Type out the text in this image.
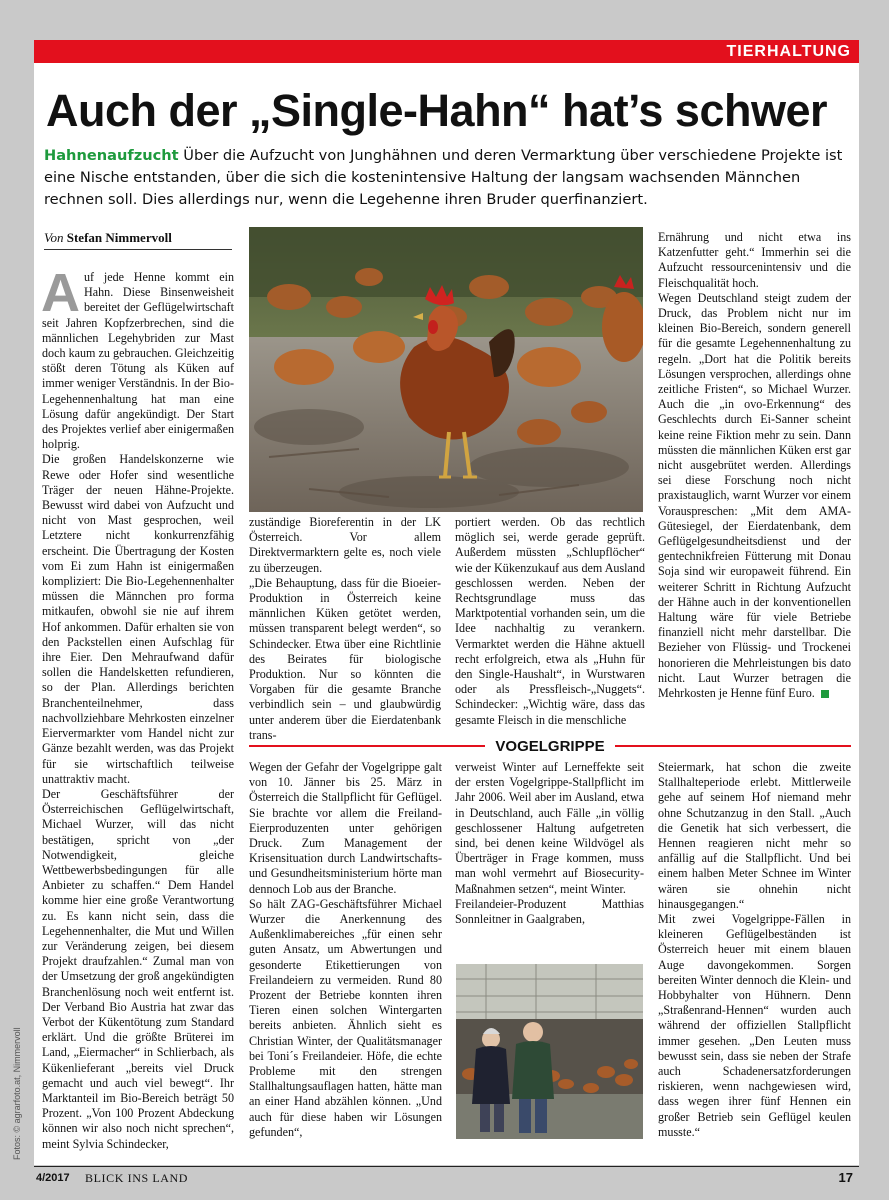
TIERHALTUNG
Auch der „Single-Hahn“ hat’s schwer

Hahnenaufzucht Über die Aufzucht von Junghähnen und deren Vermarktung über verschiedene Projekte ist eine Nische entstanden, über die sich die kostenintensive Haltung der langsam wachsenden Männchen rechnen soll. Dies allerdings nur, wenn die Legehenne ihren Bruder querfinanziert.

Von Stefan Nimmervoll
A uf jede Henne kommt ein Hahn. Diese Binsenweisheit bereitet der Geflügelwirtschaft seit Jahren Kopfzerbrechen, sind die männlichen Legehybriden zur Mast doch kaum zu gebrauchen. Gleichzeitig stößt deren Tötung als Küken auf immer weniger Verständnis. In der Bio-Legehennenhaltung hat man eine Lösung dafür angekündigt. Der Start des Projektes verlief aber einigermaßen holprig.

Die großen Handelskonzerne wie Rewe oder Hofer sind wesentliche Träger der neuen Hähne-Projekte. Bewusst wird dabei von Aufzucht und nicht von Mast gesprochen, weil Letztere nicht konkurrenzfähig erscheint. Die Übertragung der Kosten vom Ei zum Hahn ist einigermaßen kompliziert: Die Bio-Legehennenhalter müssen die Männchen pro forma mitkaufen, obwohl sie nie auf ihrem Hof ankommen. Dafür erhalten sie von den Packstellen einen Aufschlag für ihre Eier. Den Mehraufwand dafür sollen die Handelsketten refundieren, so der Plan. Allerdings berichten Branchenteilnehmer, dass nachvollziehbare Mehrkosten einzelner Eiervermarkter vom Handel nicht zur Gänze bezahlt werden, was das Projekt für sie wirtschaftlich teilweise unattraktiv macht.

Der Geschäftsführer der Österreichischen Geflügelwirtschaft, Michael Wurzer, will das nicht bestätigen, spricht von „der Notwendigkeit, gleiche Wettbewerbsbedingungen für alle Anbieter zu schaffen.“ Dem Handel komme hier eine große Verantwortung zu. Es kann nicht sein, dass die Legehennenhalter, die Mut und Willen zur Veränderung zeigen, bei diesem Projekt draufzahlen.“ Zumal man von der Umsetzung der groß angekündigten Branchenlösung noch weit entfernt ist. Der Verband Bio Austria hat zwar das Verbot der Kükentötung zum Standard erklärt. Und die größte Brüterei im Land, „Eiermacher“ in Schlierbach, als Kükenlieferant „bereits viel Druck gemacht und auch viel bewegt“. Ihr Marktanteil im Bio-Bereich beträgt 50 Prozent. „Von 100 Prozent Abdeckung können wir also noch nicht sprechen“, meint Sylvia Schindecker,

zuständige Bioreferentin in der LK Österreich. Vor allem Direktvermarktern gelte es, noch viele zu überzeugen.

„Die Behauptung, dass für die Bioeier-Produktion in Österreich keine männlichen Küken getötet werden, müssen transparent belegt werden“, so Schindecker. Etwa über eine Richtlinie des Beirates für biologische Produktion. Nur so könnten die Vorgaben für die gesamte Branche verbindlich sein – und glaubwürdig unter anderem über die Eierdatenbank trans-

portiert werden. Ob das rechtlich möglich sei, werde gerade geprüft. Außerdem müssten „Schlupflöcher“ wie der Kükenzukauf aus dem Ausland geschlossen werden. Neben der Rechtsgrundlage muss das Marktpotential vorhanden sein, um die Idee nachhaltig zu verankern. Vermarktet werden die Hähne aktuell recht erfolgreich, etwa als „Huhn für den Single-Haushalt“, in Wurstwaren oder als Pressfleisch-„Nuggets“. Schindecker: „Wichtig wäre, dass das gesamte Fleisch in die menschliche

Ernährung und nicht etwa ins Katzenfutter geht.“ Immerhin sei die Aufzucht ressourcenintensiv und die Fleischqualität hoch.

Wegen Deutschland steigt zudem der Druck, das Problem nicht nur im kleinen Bio-Bereich, sondern generell für die gesamte Legehennenhaltung zu regeln. „Dort hat die Politik bereits Lösungen versprochen, allerdings ohne zeitliche Fristen“, so Michael Wurzer. Auch die „in ovo-Erkennung“ des Geschlechts durch Ei-Sanner scheint keine reine Fiktion mehr zu sein. Dann müssten die männlichen Küken erst gar nicht ausgebrütet werden. Allerdings sei diese Forschung noch nicht praxistauglich, warnt Wurzer vor einem Vorauspreschen: „Mit dem AMA-Gütesiegel, der Eierdatenbank, dem Geflügelgesundheitsdienst und der gentechnikfreien Fütterung mit Donau Soja sind wir europaweit führend. Ein weiterer Schritt in Richtung Aufzucht der Hähne auch in der konventionellen Haltung wäre für viele Betriebe finanziell nicht mehr darstellbar. Die Bezieher von Flüssig- und Trockenei honorieren die Mehrleistungen bis dato nicht. Laut Wurzer betragen die Mehrkosten je Henne fünf Euro.

VOGELGRIPPE

Wegen der Gefahr der Vogelgrippe galt von 10. Jänner bis 25. März in Österreich die Stallpflicht für Geflügel. Sie brachte vor allem die Freiland-Eierproduzenten unter gehörigen Druck. Zum Management der Krisensituation durch Landwirtschafts- und Gesundheitsministerium hörte man dennoch Lob aus der Branche.

So hält ZAG-Geschäftsführer Michael Wurzer die Anerkennung des Außenklimabereiches „für einen sehr guten Ansatz, um Abwertungen und gesonderte Etikettierungen von Freilandeiern zu vermeiden. Rund 80 Prozent der Betriebe konnten ihren Tieren einen solchen Wintergarten bereits anbieten. Ähnlich sieht es Christian Winter, der Qualitätsmanager bei Toni´s Freilandeier. Höfe, die echte Probleme mit den strengen Stallhaltungsauflagen hatten, hätte man an einer Hand abzählen können. „Und auch für diese haben wir Lösungen gefunden“,

verweist Winter auf Lerneffekte seit der ersten Vogelgrippe-Stallpflicht im Jahr 2006. Weil aber im Ausland, etwa in Deutschland, auch Fälle „in völlig geschlossener Haltung aufgetreten sind, bei denen keine Wildvögel als Überträger in Frage kommen, muss man wohl vermehrt auf Biosecurity-Maßnahmen setzen“, meint Winter.

Freilandeier-Produzent Matthias Sonnleitner in Gaalgraben,

Steiermark, hat schon die zweite Stallhalteperiode erlebt. Mittlerweile gehe auf seinem Hof niemand mehr ohne Schutzanzug in den Stall. „Auch die Genetik hat sich verbessert, die Hennen reagieren nicht mehr so anfällig auf die Stallpflicht. Und bei einem halben Meter Schnee im Winter wären sie ohnehin nicht hinausgegangen.“

Mit zwei Vogelgrippe-Fällen in kleineren Geflügelbeständen ist Österreich heuer mit einem blauen Auge davongekommen. Sorgen bereiten Winter dennoch die Klein- und Hobbyhalter von Hühnern. Denn „Straßenrand-Hennen“ wurden auch während der offiziellen Stallpflicht immer gesehen. „Den Leuten muss bewusst sein, dass sie neben der Strafe auch Schadenersatzforderungen riskieren, wenn nachgewiesen wird, dass wegen ihrer fünf Hennen ein großer Betrieb sein Geflügel keulen musste.“

Fotos: © agrarfoto.at, Nimmervoll
4/2017 BLICK INS LAND	17
